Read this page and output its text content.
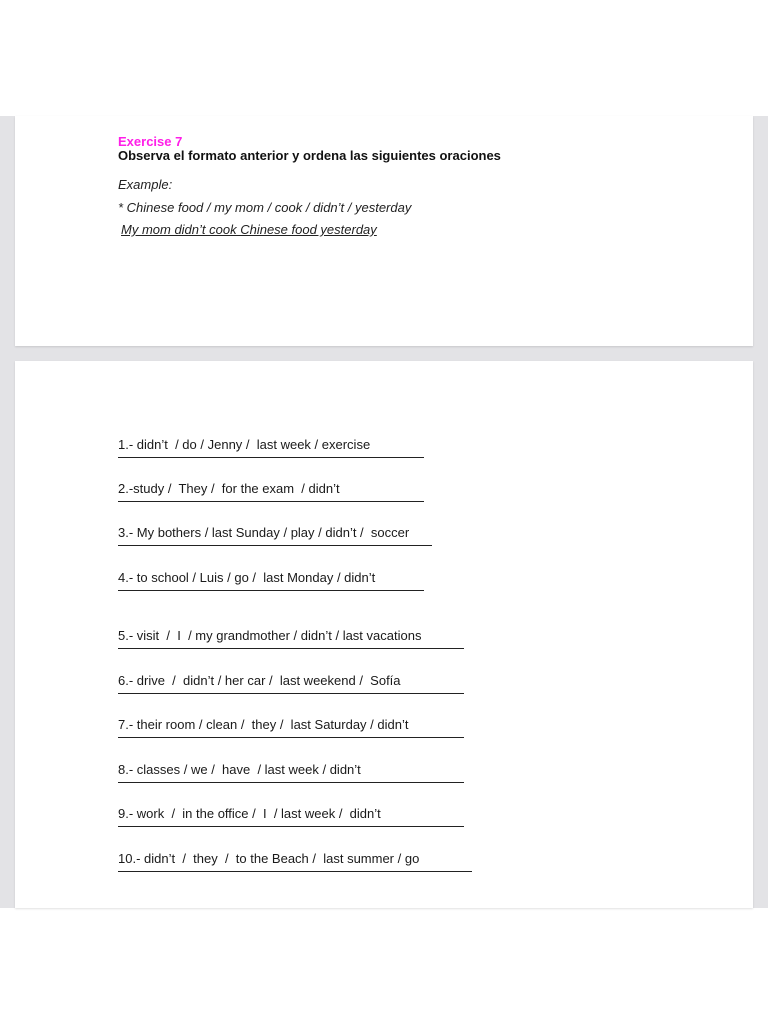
Exercise 7
Observa el formato anterior y ordena las siguientes oraciones
Example:
* Chinese food / my mom / cook / didn’t / yesterday
My mom didn’t cook Chinese food yesterday
1.- didn’t  / do / Jenny /  last week / exercise
2.-study /  They /  for the exam  / didn’t
3.- My bothers / last Sunday / play / didn’t /  soccer
4.- to school / Luis / go /  last Monday / didn’t
5.- visit  /  I  / my grandmother / didn’t / last vacations
6.- drive  /  didn’t / her car /  last weekend /  Sofía
7.- their room / clean /  they /  last Saturday / didn’t
8.- classes / we /  have  / last week / didn’t
9.- work  /  in the office /  I  / last week /  didn’t
10.- didn’t  /  they  /  to the Beach /  last summer / go
